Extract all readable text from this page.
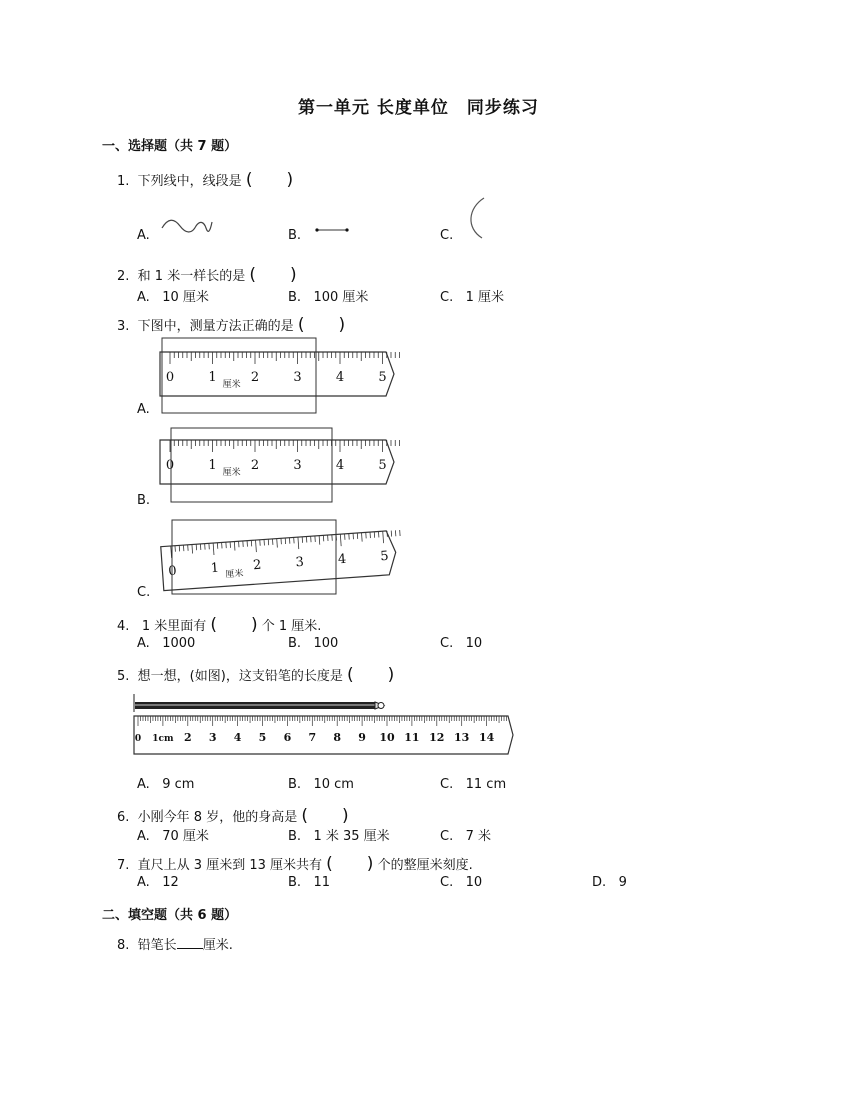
第一单元 长度单位　同步练习
一、选择题（共 7 题）
1. 下列线中，线段是 (　　)
A.	B.	C.
2. 和 1 米一样长的是 (　　)
A. 10 厘米	B. 100 厘米	C. 1 厘米
3. 下图中，测量方法正确的是 (　　)
A.
0	1	2	3	4	5
厘米
B.
0	1	2	3	4	5
厘米
C.
0	1	2	3	4	5
厘米
4. 1 米里面有 (　　) 个 1 厘米.
A. 1000	B. 100	C. 10
5. 想一想，(如图)，这支铅笔的长度是 (　　)
0 1cm 2 3 4 5 6 7 8 9 10 11 12 13 14
A. 9 cm	B. 10 cm	C. 11 cm
6. 小刚今年 8 岁，他的身高是 (　　)
A. 70 厘米	B. 1 米 35 厘米	C. 7 米
7. 直尺上从 3 厘米到 13 厘米共有 (　　) 个的整厘米刻度.
A. 12	B. 11	C. 10	D. 9
二、填空题（共 6 题）
8. 铅笔长 厘米.
